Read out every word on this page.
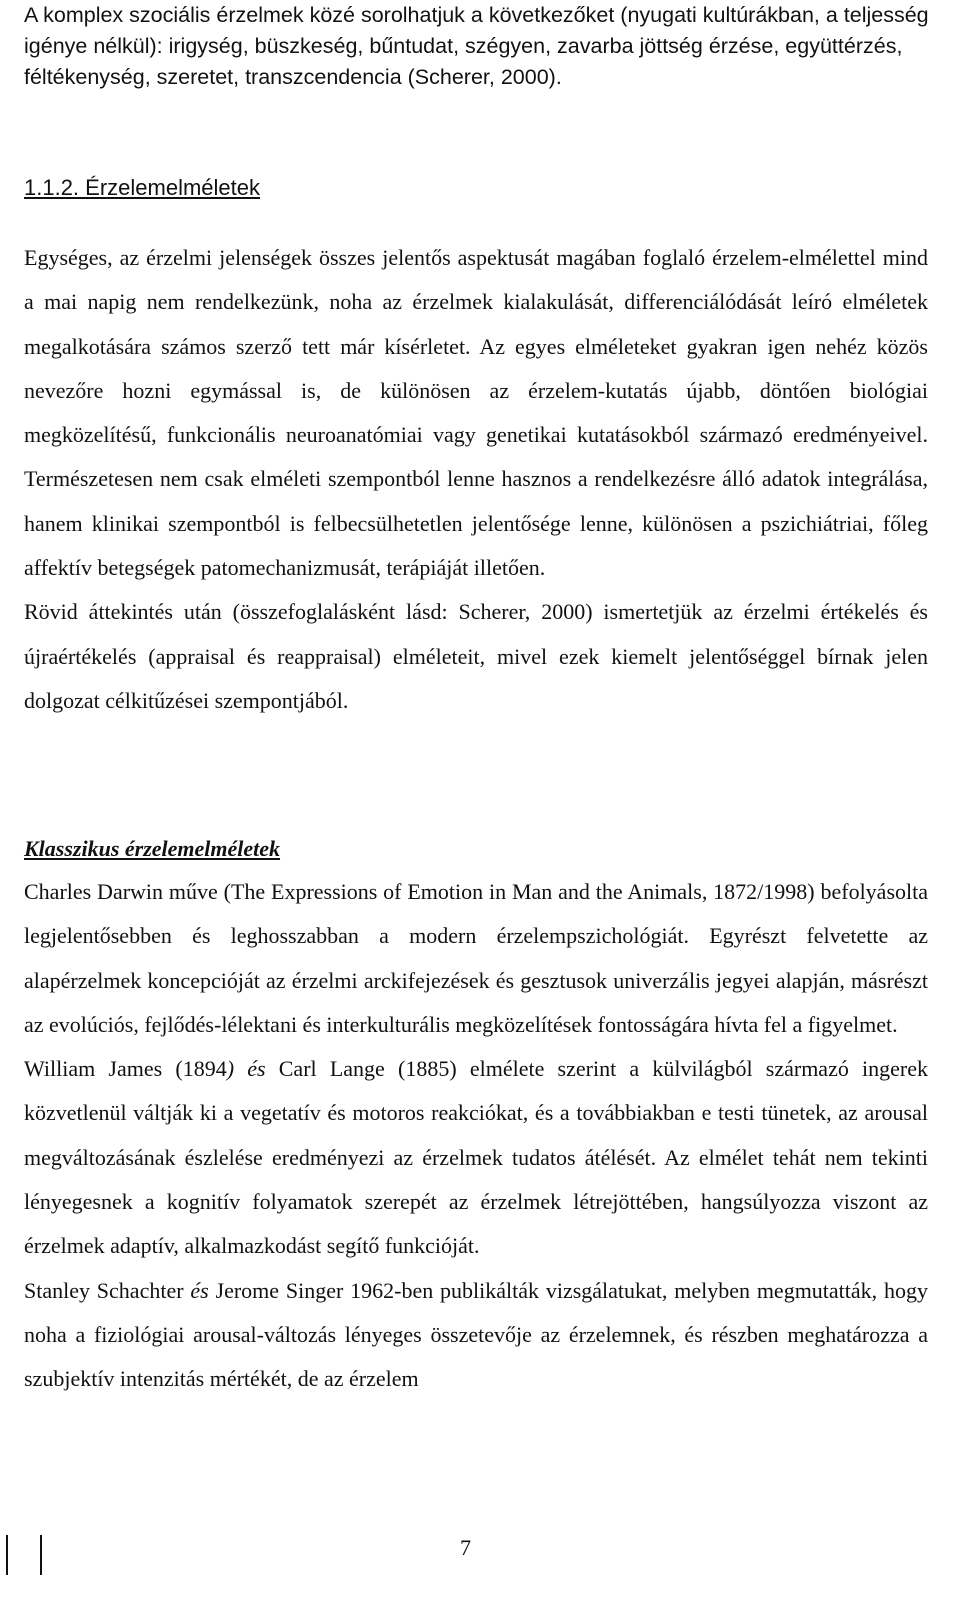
A komplex szociális érzelmek közé sorolhatjuk a következőket (nyugati kultúrákban, a teljesség igénye nélkül): irigység, büszkeség, bűntudat, szégyen, zavarba jöttség érzése, együttérzés, féltékenység, szeretet, transzcendencia (Scherer, 2000).

1.1.2. Érzelemelméletek

Egységes, az érzelmi jelenségek összes jelentős aspektusát magában foglaló érzelem-elmélettel mind a mai napig nem rendelkezünk, noha az érzelmek kialakulását, differenciálódását leíró elméletek megalkotására számos szerző tett már kísérletet. Az egyes elméleteket gyakran igen nehéz közös nevezőre hozni egymással is, de különösen az érzelem-kutatás újabb, döntően biológiai megközelítésű, funkcionális neuroanatómiai vagy genetikai kutatásokból származó eredményeivel. Természetesen nem csak elméleti szempontból lenne hasznos a rendelkezésre álló adatok integrálása, hanem klinikai szempontból is felbecsülhetetlen jelentősége lenne, különösen a pszichiátriai, főleg affektív betegségek patomechanizmusát, terápiáját illetően.

Rövid áttekintés után (összefoglalásként lásd: Scherer, 2000) ismertetjük az érzelmi értékelés és újraértékelés (appraisal és reappraisal) elméleteit, mivel ezek kiemelt jelentőséggel bírnak jelen dolgozat célkitűzései szempontjából.

Klasszikus érzelemelméletek

Charles Darwin műve (The Expressions of Emotion in Man and the Animals, 1872/1998) befolyásolta legjelentősebben és leghosszabban a modern érzelempszichológiát. Egyrészt felvetette az alapérzelmek koncepcióját az érzelmi arckifejezések és gesztusok univerzális jegyei alapján, másrészt az evolúciós, fejlődés-lélektani és interkulturális megközelítések fontosságára hívta fel a figyelmet.

William James (1894) és Carl Lange (1885) elmélete szerint a külvilágból származó ingerek közvetlenül váltják ki a vegetatív és motoros reakciókat, és a továbbiakban e testi tünetek, az arousal megváltozásának észlelése eredményezi az érzelmek tudatos átélését. Az elmélet tehát nem tekinti lényegesnek a kognitív folyamatok szerepét az érzelmek létrejöttében, hangsúlyozza viszont az érzelmek adaptív, alkalmazkodást segítő funkcióját.

Stanley Schachter és Jerome Singer 1962-ben publikálták vizsgálatukat, melyben megmutatták, hogy noha a fiziológiai arousal-változás lényeges összetevője az érzelemnek, és részben meghatározza a szubjektív intenzitás mértékét, de az érzelem

7
